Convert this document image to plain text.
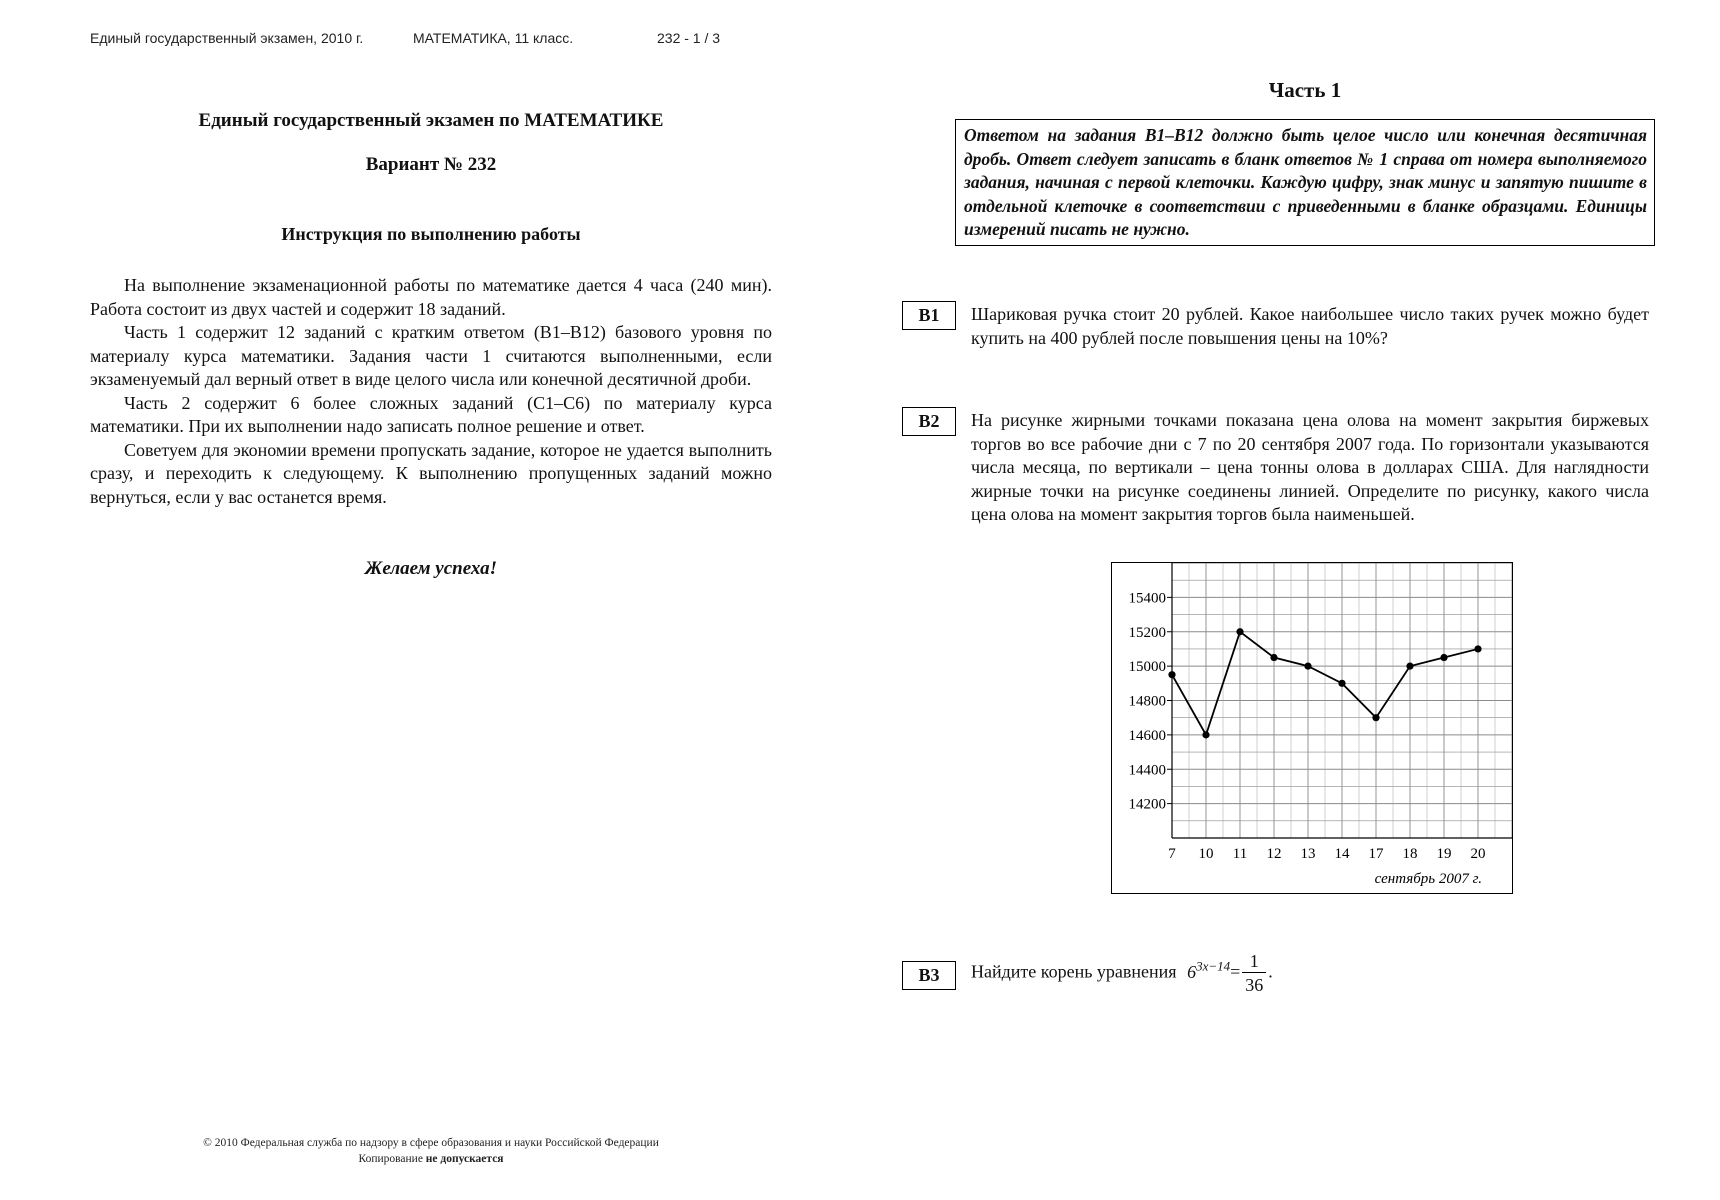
Единый государственный экзамен, 2010 г.	МАТЕМАТИКА, 11 класс.	232 - 1 / 3
Единый государственный экзамен по МАТЕМАТИКЕ
Вариант № 232
Инструкция по выполнению работы

На выполнение экзаменационной работы по математике дается 4 часа (240 мин). Работа состоит из двух частей и содержит 18 заданий.

Часть 1 содержит 12 заданий с кратким ответом (В1–В12) базового уровня по материалу курса математики. Задания части 1 считаются выполненными, если экзаменуемый дал верный ответ в виде целого числа или конечной десятичной дроби.

Часть 2 содержит 6 более сложных заданий (С1–С6) по материалу курса математики. При их выполнении надо записать полное решение и ответ.

Советуем для экономии времени пропускать задание, которое не удается выполнить сразу, и переходить к следующему. К выполнению пропущенных заданий можно вернуться, если у вас останется время.

Желаем успеха!
© 2010 Федеральная служба по надзору в сфере образования и науки Российской Федерации
Копирование не допускается
Часть 1
Ответом на задания В1–В12 должно быть целое число или конечная десятичная дробь. Ответ следует записать в бланк ответов № 1 справа от номера выполняемого задания, начиная с первой клеточки. Каждую цифру, знак минус и запятую пишите в отдельной клеточке в соответствии с приведенными в бланке образцами. Единицы измерений писать не нужно.
В1	Шариковая ручка стоит 20 рублей. Какое наибольшее число таких ручек можно будет купить на 400 рублей после повышения цены на 10%?

В2	На рисунке жирными точками показана цена олова на момент закрытия биржевых торгов во все рабочие дни с 7 по 20 сентября 2007 года. По горизонтали указываются числа месяца, по вертикали – цена тонны олова в долларах США. Для наглядности жирные точки на рисунке соединены линией. Определите по рисунку, какого числа цена олова на момент закрытия торгов была наименьшей.

14200
14400
14600
14800
15000
15200
15400
7 10 11 12 13 14 17 18 19 20
сентябрь 2007 г.
В3	Найдите корень уравнения $6^{3x-14}= \frac{1}{36}$ .
